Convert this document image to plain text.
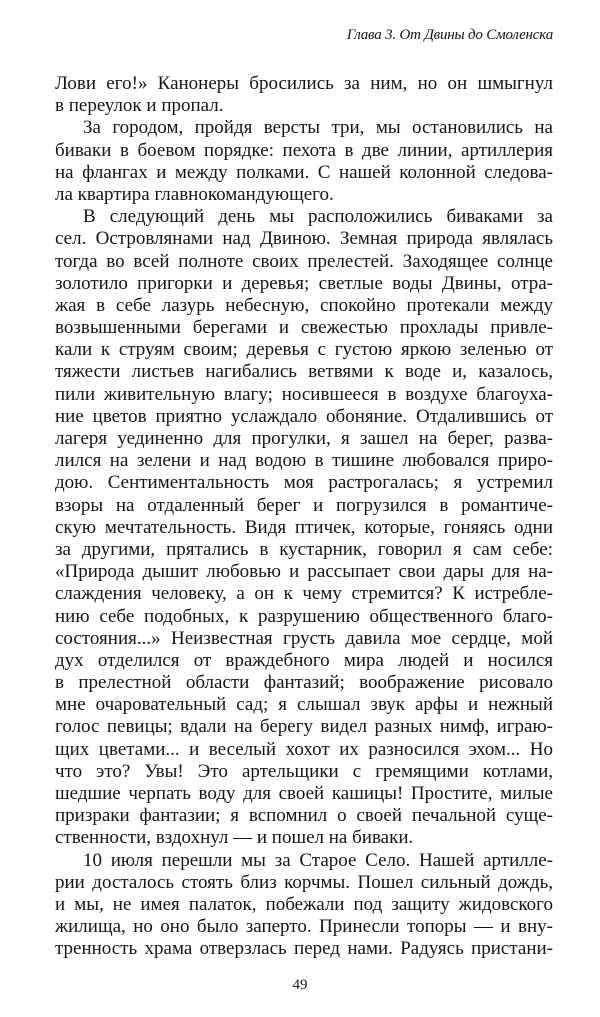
Глава 3. От Двины до Смоленска
Лови его!» Канонеры бросились за ним, но он шмыгнул
в переулок и пропал.
За городом, пройдя версты три, мы остановились на
биваки в боевом порядке: пехота в две линии, артиллерия
на флангах и между полками. С нашей колонной следова-
ла квартира главнокомандующего.
В следующий день мы расположились биваками за
сел. Островлянами над Двиною. Земная природа являлась
тогда во всей полноте своих прелестей. Заходящее солнце
золотило пригорки и деревья; светлые воды Двины, отра-
жая в себе лазурь небесную, спокойно протекали между
возвышенными берегами и свежестью прохлады привле-
кали к струям своим; деревья с густою яркою зеленью от
тяжести листьев нагибались ветвями к воде и, казалось,
пили живительную влагу; носившееся в воздухе благоуха-
ние цветов приятно услаждало обоняние. Отдалившись от
лагеря уединенно для прогулки, я зашел на берег, разва-
лился на зелени и над водою в тишине любовался приро-
дою. Сентиментальность моя растрогалась; я устремил
взоры на отдаленный берег и погрузился в романтиче-
скую мечтательность. Видя птичек, которые, гоняясь одни
за другими, прятались в кустарник, говорил я сам себе:
«Природа дышит любовью и рассыпает свои дары для на-
слаждения человеку, а он к чему стремится? К истребле-
нию себе подобных, к разрушению общественного благо-
состояния...» Неизвестная грусть давила мое сердце, мой
дух отделился от враждебного мира людей и носился
в прелестной области фантазий; воображение рисовало
мне очаровательный сад; я слышал звук арфы и нежный
голос певицы; вдали на берегу видел разных нимф, играю-
щих цветами... и веселый хохот их разносился эхом... Но
что это? Увы! Это артельщики с гремящими котлами,
шедшие черпать воду для своей кашицы! Простите, милые
призраки фантазии; я вспомнил о своей печальной суще-
ственности, вздохнул — и пошел на биваки.
10 июля перешли мы за Старое Село. Нашей артилле-
рии досталось стоять близ корчмы. Пошел сильный дождь,
и мы, не имея палаток, побежали под защиту жидовского
жилища, но оно было заперто. Принесли топоры — и вну-
тренность храма отверзлась перед нами. Радуясь пристани-
49
